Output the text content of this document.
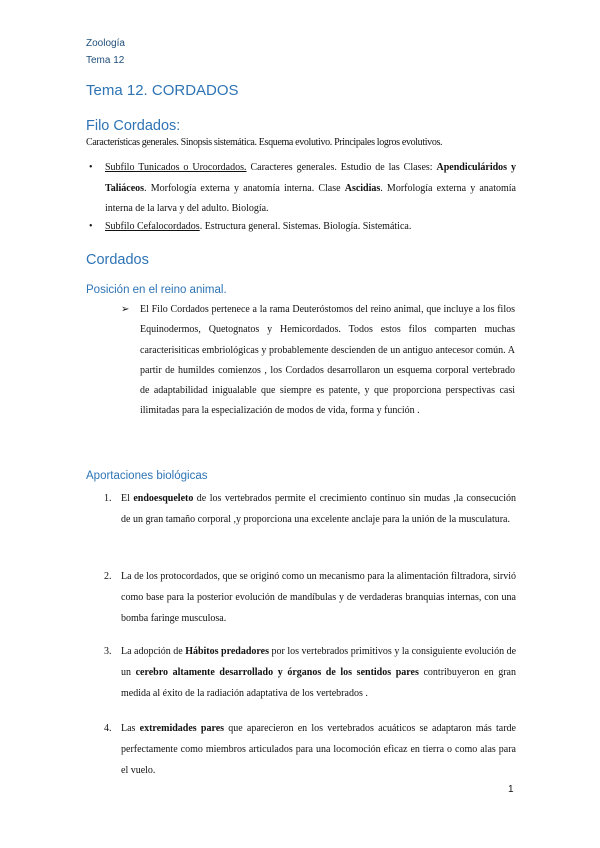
Zoología
Tema 12
Tema 12. CORDADOS
Filo Cordados:
Características generales. Sinopsis sistemática. Esquema evolutivo. Principales logros evolutivos.
• Subfilo Tunicados o Urocordados. Caracteres generales. Estudio de las Clases: Apendiculáridos y Taliáceos. Morfología externa y anatomía interna. Clase Ascidias. Morfología externa y anatomía interna de la larva y del adulto. Biología.
• Subfilo Cefalocordados. Estructura general. Sistemas. Biología. Sistemática.
Cordados
Posición en el reino animal.
➢ El Filo Cordados pertenece a la rama Deuteróstomos del reino animal, que incluye a los filos Equinodermos, Quetognatos y Hemicordados. Todos estos filos comparten muchas caracterisiticas embriológicas y probablemente descienden de un antiguo antecesor común. A partir de humildes comienzos , los Cordados desarrollaron un esquema corporal vertebrado de adaptabilidad inigualable que siempre es patente, y que proporciona perspectivas casi ilimitadas para la especialización de modos de vida, forma y función .
Aportaciones biológicas
1. El endoesqueleto de los vertebrados permite el crecimiento continuo sin mudas ,la consecución de un gran tamaño corporal ,y proporciona una excelente anclaje para la unión de la musculatura.
2. La de los protocordados, que se originó como un mecanismo para la alimentación filtradora, sirvió como base para la posterior evolución de mandíbulas y de verdaderas branquias internas, con una bomba faringe musculosa.
3. La adopción de Hábitos predadores por los vertebrados primitivos y la consiguiente evolución de un cerebro altamente desarrollado y órganos de los sentidos pares contribuyeron en gran medida al éxito de la radiación adaptativa de los vertebrados .
4. Las extremidades pares que aparecieron en los vertebrados acuáticos se adaptaron más tarde perfectamente como miembros articulados para una locomoción eficaz en tierra o como alas para el vuelo.
1
